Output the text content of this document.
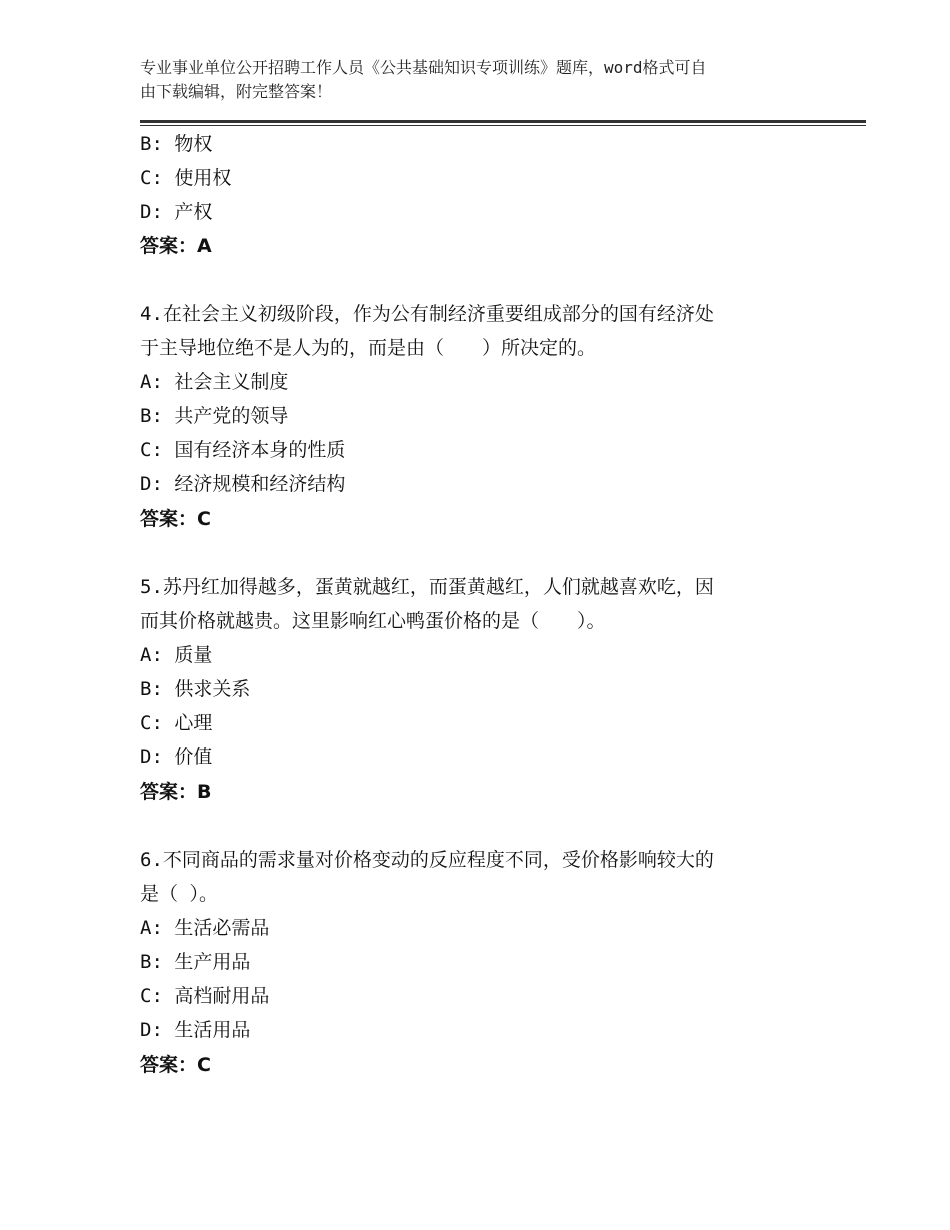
专业事业单位公开招聘工作人员《公共基础知识专项训练》题库，word格式可自
由下载编辑，附完整答案！
B: 物权
C: 使用权
D: 产权
答案：A
4.在社会主义初级阶段，作为公有制经济重要组成部分的国有经济处
于主导地位绝不是人为的，而是由（　　）所决定的。
A: 社会主义制度
B: 共产党的领导
C: 国有经济本身的性质
D: 经济规模和经济结构
答案：C
5.苏丹红加得越多，蛋黄就越红，而蛋黄越红，人们就越喜欢吃，因
而其价格就越贵。这里影响红心鸭蛋价格的是（　　）。
A: 质量
B: 供求关系
C: 心理
D: 价值
答案：B
6.不同商品的需求量对价格变动的反应程度不同，受价格影响较大的
是（ ）。
A: 生活必需品
B: 生产用品
C: 高档耐用品
D: 生活用品
答案：C
